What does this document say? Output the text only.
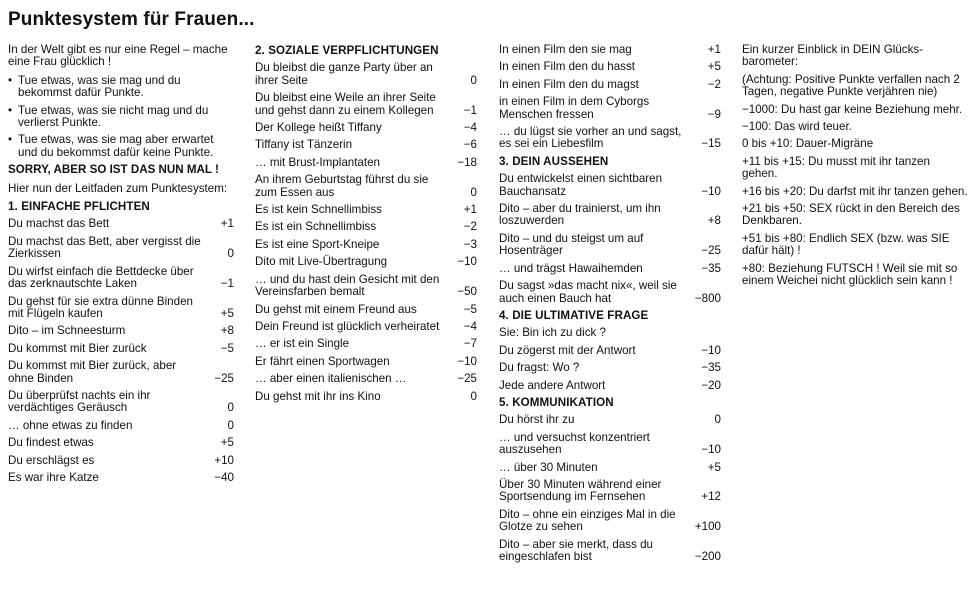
Punktesystem für Frauen...
In der Welt gibt es nur eine Regel – mache eine Frau glücklich !
• Tue etwas, was sie mag und du bekommst dafür Punkte.
• Tue etwas, was sie nicht mag und du verlierst Punkte.
• Tue etwas, was sie mag aber erwartet und du bekommst dafür keine Punkte.
SORRY, ABER SO IST DAS NUN MAL !
Hier nun der Leitfaden zum Punktesystem:
1. EINFACHE PFLICHTEN
Du machst das Bett	+1
Du machst das Bett, aber vergisst die Zierkissen	0
Du wirfst einfach die Bettdecke über das zerknautschte Laken	−1
Du gehst für sie extra dünne Binden mit Flügeln kaufen	+5
Dito – im Schneesturm	+8
Du kommst mit Bier zurück	−5
Du kommst mit Bier zurück, aber ohne Binden	−25
Du überprüfst nachts ein ihr verdächtiges Geräusch	0
… ohne etwas zu finden	0
Du findest etwas	+5
Du erschlägst es	+10
Es war ihre Katze	−40
2. SOZIALE VERPFLICHTUNGEN
Du bleibst die ganze Party über an ihrer Seite	0
Du bleibst eine Weile an ihrer Seite und gehst dann zu einem Kollegen	−1
Der Kollege heißt Tiffany	−4
Tiffany ist Tänzerin	−6
… mit Brust-Implantaten	−18
An ihrem Geburtstag führst du sie zum Essen aus	0
Es ist kein Schnellimbiss	+1
Es ist ein Schnellimbiss	−2
Es ist eine Sport-Kneipe	−3
Dito mit Live-Übertragung	−10
… und du hast dein Gesicht mit den Vereinsfarben bemalt	−50
Du gehst mit einem Freund aus	−5
Dein Freund ist glücklich verheiratet	−4
… er ist ein Single	−7
Er fährt einen Sportwagen	−10
… aber einen italienischen …	−25
Du gehst mit ihr ins Kino	0
In einen Film den sie mag	+1
In einen Film den du hasst	+5
In einen Film den du magst	−2
in einen Film in dem Cyborgs Menschen fressen	−9
… du lügst sie vorher an und sagst, es sei ein Liebesfilm	−15
3. DEIN AUSSEHEN
Du entwickelst einen sichtbaren Bauchansatz	−10
Dito – aber du trainierst, um ihn loszuwerden	+8
Dito – und du steigst um auf Hosenträger	−25
… und trägst Hawaihemden	−35
Du sagst »das macht nix«, weil sie auch einen Bauch hat	−800
4. DIE ULTIMATIVE FRAGE
Sie: Bin ich zu dick ?
Du zögerst mit der Antwort	−10
Du fragst: Wo ?	−35
Jede andere Antwort	−20
5. KOMMUNIKATION
Du hörst ihr zu	0
… und versuchst konzentriert auszusehen	−10
… über 30 Minuten	+5
Über 30 Minuten während einer Sportsendung im Fernsehen	+12
Dito – ohne ein einziges Mal in die Glotze zu sehen	+100
Dito – aber sie merkt, dass du eingeschlafen bist	−200
Ein kurzer Einblick in DEIN Glücks-barometer:
(Achtung: Positive Punkte verfallen nach 2 Tagen, negative Punkte verjähren nie)
−1000: Du hast gar keine Beziehung mehr.
−100: Das wird teuer.
0 bis +10: Dauer-Migräne
+11 bis +15: Du musst mit ihr tanzen gehen.
+16 bis +20: Du darfst mit ihr tanzen gehen.
+21 bis +50: SEX rückt in den Bereich des Denkbaren.
+51 bis +80: Endlich SEX (bzw. was SIE dafür hält) !
+80: Beziehung FUTSCH ! Weil sie mit so einem Weichei nicht glücklich sein kann !
